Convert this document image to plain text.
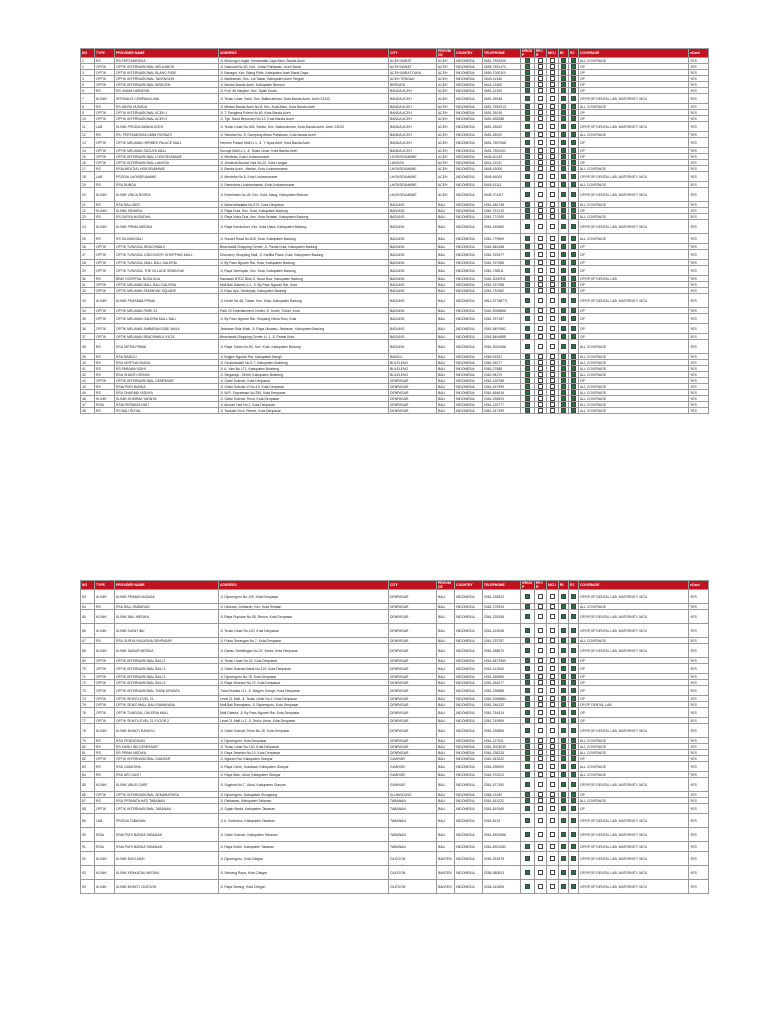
NO	TYPE	PROVIDER NAME	ADDRESS	CITY	PROVINCE	COUNTRY	TELEPHONE	GROUP	RPJR	MCU	RI	RJ	COVERAGE	eCard
1	RS	RS PERTAMEDIKA	Jl. Mohongo Lingke, Kecamatan Jaya Baru, Banda Aceh	ACEH BARAT	ACEH	INDONESIA	0651-7553006						ALL COVERAGE	YES
2	OPTIK	OPTIK INTERNASIONAL MEULABOH	Jl. Nasional No.60, Kec. Johan Pahlawan, Aceh Barat	ACEH BARAT	ACEH	INDONESIA	0655-7551474						OP	YES
3	OPTIK	OPTIK INTERNASIONAL BLANG PIDIE	Jl. Bahagia, Kec. Blang Pidie, Kabupaten Aceh Barat Daya	ACEH BARAT DAYA	ACEH	INDONESIA	0659-7000110						OP	YES
4	OPTIK	OPTIK INTERNASIONAL TAKENGON	Jl. Mahkamah, Kec. Lut Tawar, Kabupaten Aceh Tengah	ACEH TENGAH	ACEH	INDONESIA	0643-21540						OP	YES
5	OPTIK	OPTIK INTERNASIONAL BIREUEN	Jl. Medan Banda Aceh, Kabupaten Bireuen	BIREUEN	ACEH	INDONESIA	0644-21600						OP	YES
6	RS	RS UMUM HARAPAN	Jl. Prof. Ali Hasyimi, Kec. Syiah Kuala	BANDA ACEH	ACEH	INDONESIA	0651-21490						OP	YES
7	KLINIK	SPESIALIS CEMPAKA LIMA	Jl. Teuku Umar, Setui, Kec. Baiturrahman, Kota Banda Aceh, Aceh 23243	BANDA ACEH	ACEH	INDONESIA	0651-35548						OP,RP,OP DENTAL LAB, MATERNITY, MCU	YES
8	RS	RS INDRA HUSADA	Jl. Medan Banda Aceh No.8, Kec. Kuta Alam, Kota Banda Aceh	BANDA ACEH	ACEH	INDONESIA	0651-7552013						ALL COVERAGE	YES
9	OPTIK	OPTIK INTERNASIONAL ACEH 1	Jl. T. Panglima Polem No.60, Kota Banda Aceh	BANDA ACEH	ACEH	INDONESIA	0651-35015						OP	YES
10	OPTIK	OPTIK INTERNASIONAL ACEH 2	Jl. Tgk. Daud Beureueh No.12, Kota Banda Aceh	BANDA ACEH	ACEH	INDONESIA	0651-635288						OP	YES
11	LAB	KLINIK PRODIA BANDA ACEH	Jl. Teuku Umar No.304, Seutui, Kec. Baiturrahman, Kota Banda Aceh, Aceh 23243	BANDA ACEH	ACEH	INDONESIA	0651-26620						OP,RP,OP DENTAL LAB, MATERNITY, MCU	YES
12	RS	RS. PERTAMEDIKA UMMI ROSNATI	Jl. Sekolah No. 5, Gampong Ateuk Pahlawan, Kota Banda Aceh	BANDA ACEH	ACEH	INDONESIA	0651-35092						ALL COVERAGE	YES
13	OPTIK	OPTIK MELAWAI HERMES PALACE MALL	Hermes Palace Mall Lt.1, Jl. T. Nyak Arief, Kota Banda Aceh	BANDA ACEH	ACEH	INDONESIA	0651-7557068						OP	YES
14	OPTIK	OPTIK MELAWAI SUZUYA MALL	Suzuya Mall Lt.1, Jl. Teuku Umar, Kota Banda Aceh	BANDA ACEH	ACEH	INDONESIA	0651-7552201						OP	YES
15	OPTIK	OPTIK INTERNASIONAL LHOKSEUMAWE	Jl. Merdeka, Kota Lhokseumawe	LHOKSEUMAWE	ACEH	INDONESIA	0645-40140						OP	YES
16	OPTIK	OPTIK INTERNASIONAL LANGSA	Jl. Jenderal Ahmad Yani No.22, Kota Langsa	LANGSA	ACEH	INDONESIA	0641-21011						OP	YES
17	RS	RSIA MEUTIA LHOKSEUMAWE	Jl. Banda Aceh - Medan, Kota Lhokseumawe	LHOKSEUMAWE	ACEH	INDONESIA	0645-43000						ALL COVERAGE	YES
18	LAB	PRODIA LHOKSEUMAWE	Jl. Merdeka No.6, Kota Lhokseumawe	LHOKSEUMAWE	ACEH	INDONESIA	0645-46000						OP,RP,OP DENTAL LAB, MATERNITY, MCU	YES
19	RS	RSU BUNDA	Jl. Samudera Lhokseumawe, Kota Lhokseumawe	LHOKSEUMAWE	ACEH	INDONESIA	0645-41111						ALL COVERAGE	YES
20	KLINIK	KLINIK VINCA ROSEA	Jl. Kesehatan No.45, Kec. Kota Juang, Kabupaten Bireuen	LHOKSEUMAWE	ACEH	INDONESIA	0645-701117						OP,RP,OP DENTAL LAB, MATERNITY, MCU	YES
21	RS	RSU BALI MED	Jl. Mahendradatta No.57X, Kota Denpasar	BADUNG	BALI	INDONESIA	0361-484748						ALL COVERAGE	YES
22	KLINIK	KLINIK SEMARA	Jl. Raya Kuta, Kec. Kuta, Kabupaten Badung	BADUNG	BALI	INDONESIA	0361-751213						OP	YES
23	RS	RS SURYA HUSADHA	Jl. Raya Nusa Dua, Kec. Kuta Selatan, Kabupaten Badung	BADUNG	BALI	INDONESIA	0361-770190						ALL COVERAGE	YES
24	KLINIK	KLINIK PRIMA MEDIKA	Jl. Raya Kerobokan, Kec. Kuta Utara, Kabupaten Badung	BADUNG	BALI	INDONESIA	0361-439480						OP,RP,OP DENTAL LAB, MATERNITY, MCU	YES
25	RS	RS SILOAM BALI	Jl. Sunset Road No.818, Kuta, Kabupaten Badung	BADUNG	BALI	INDONESIA	0361-779900						ALL COVERAGE	YES
26	OPTIK	OPTIK TUNGGAL BEACHWALK	Beachwalk Shopping Center, Jl. Pantai Kuta, Kabupaten Badung	BADUNG	BALI	INDONESIA	0361-846188						OP	YES
27	OPTIK	OPTIK TUNGGAL DISCOVERY SHOPPING MALL	Discovery Shopping Mall, Jl. Kartika Plaza, Kuta, Kabupaten Badung	BADUNG	BALI	INDONESIA	0361-769477						OP	YES
28	OPTIK	OPTIK TUNGGAL MALL BALI GALERIA	Jl. By Pass Ngurah Rai, Kuta, Kabupaten Badung	BADUNG	BALI	INDONESIA	0361-767088						OP	YES
29	OPTIK	OPTIK TUNGGAL THE VILLAGE SEMINYAK	Jl. Raya Seminyak, Kec. Kuta, Kabupaten Badung	BADUNG	BALI	INDONESIA	0361-738911						OP	YES
30	RS	BIMC HOSPITAL NUSA DUA	Kawasan BTDC Blok D, Nusa Dua, Kabupaten Badung	BADUNG	BALI	INDONESIA	0361-3000911						OP,RP,OP DENTAL LAB	YES
31	OPTIK	OPTIK MELAWAI MALL BALI GALERIA	Mall Bali Galeria Lt.1, Jl. By Pass Ngurah Rai, Kuta	BADUNG	BALI	INDONESIA	0361-767088						OP	YES
32	OPTIK	OPTIK MELAWAI SEMINYAK SQUARE	Jl. Kayu Aya, Seminyak, Kabupaten Badung	BADUNG	BALI	INDONESIA	0361-732282						OP	YES
33	KLINIK	KLINIK PRATAMA PRIMA	Jl. Kediri No.46, Tuban, Kec. Kuta, Kabupaten Badung	BADUNG	BALI	INDONESIA	0812-37768771						OP,RP,OP DENTAL LAB, MATERNITY, MCU	YES
34	OPTIK	OPTIK MELAWAI PARK 23	Park 23 Entertainment Center, Jl. Kediri, Tuban, Kuta	BADUNG	BALI	INDONESIA	0361-9006866						OP	YES
35	OPTIK	OPTIK MELAWAI GALERIA MALL BALI	Jl. By Pass Ngurah Rai, Simpang Dewa Ruci, Kuta	BADUNG	BALI	INDONESIA	0361-757187						OP	YES
36	OPTIK	OPTIK MELAWAI JIMBARAN SIDE WALK	Jimbaran Side Walk, Jl. Raya Uluwatu, Jimbaran, Kabupaten Badung	BADUNG	BALI	INDONESIA	0361-8497662						OP	YES
37	OPTIK	OPTIK MELAWAI BEACHWALK KUTA	Beachwalk Shopping Center Lt. 1, Jl. Pantai Kuta	BADUNG	BALI	INDONESIA	0361-8464888						OP	YES
38	RS	RSU MITRA PRIMA	Jl. Raya Tuban No.8X, Kec. Kuta, Kabupaten Badung	BADUNG	BALI	INDONESIA	0361-3001066						ALL COVERAGE	YES
39	RS	RSU BANGLI	Jl. Brigjen Ngurah Rai, Kabupaten Bangli	BANGLI	BALI	INDONESIA	0366-91521						ALL COVERAGE	YES
40	RS	RSU KERTHA USADA	Jl. Cendrawasih No.5-7, Kabupaten Buleleng	BULELENG	BALI	INDONESIA	0362-26277						ALL COVERAGE	YES
41	RS	RS PARAMA SIDHI	Jl. A. Yani No.171, Kabupaten Buleleng	BULELENG	BALI	INDONESIA	0362-27888						ALL COVERAGE	YES
42	RS	RSU SHANTI GRAHA	Jl. Singaraja - Seririt, Kabupaten Buleleng	BULELENG	BALI	INDONESIA	0362-94270						ALL COVERAGE	YES
43	OPTIK	OPTIK INTERNASIONAL DENPASAR	Jl. Gatot Subroto, Kota Denpasar	DENPASAR	BALI	INDONESIA	0361-426788						OP	YES
44	RS	RSIA PURI BUNDA	Jl. Gatot Subroto VI No.19, Kota Denpasar	DENPASAR	BALI	INDONESIA	0361-437999						ALL COVERAGE	YES
45	RS	RSU DHARMA YADNYA	Jl. W.R. Supratman No.256, Kota Denpasar	DENPASAR	BALI	INDONESIA	0361-464616						ALL COVERAGE	YES
46	KLINIK	KLINIK DHARMA YADNYA	Jl. Gatot Subroto Timur, Kota Denpasar	DENPASAR	BALI	INDONESIA	0361-235523						ALL COVERAGE	YES
47	RSIA	RSIA PERMATA HATI	Jl. Ahmad Yani No.1, Kota Denpasar	DENPASAR	BALI	INDONESIA	0361-225777						ALL COVERAGE	YES
48	RS	RS BALI ROYAL	Jl. Tantular No.6, Renon, Kota Denpasar	DENPASAR	BALI	INDONESIA	0361-247499						ALL COVERAGE	YES
NO	TYPE	PROVIDER NAME	ADDRESS	CITY	PROVINCE	COUNTRY	TELEPHONE	GROUP	RPJR	MCU	RI	RJ	COVERAGE	eCard
63	KLINIK	KLINIK PRAMA HUSADA	Jl. Diponegoro No.109, Kota Denpasar	DENPASAR	BALI	INDONESIA	0361-235923						OP,RP,OP DENTAL LAB, MATERNITY, MCU	YES
64	RS	RSU BALI JIMBARAN	Jl. Uluwatu, Jimbaran, Kec. Kuta Selatan	DENPASAR	BALI	INDONESIA	0361-703933						ALL COVERAGE	YES
65	KLINIK	KLINIK BALI MEDIKA	Jl. Raya Puputan No.58, Renon, Kota Denpasar	DENPASAR	BALI	INDONESIA	0361-228158						OP,RP,OP DENTAL LAB, MATERNITY, MCU	YES
66	KLINIK	KLINIK KASIH IBU	Jl. Teuku Umar No.120, Kota Denpasar	DENPASAR	BALI	INDONESIA	0361-223036						OP,RP,OP DENTAL LAB, MATERNITY, MCU	YES
67	RS	RSU SURYA HUSADHA DENPASAR	Jl. Pulau Serangan No.7, Kota Denpasar	DENPASAR	BALI	INDONESIA	0361-233787						ALL COVERAGE	YES
68	KLINIK	KLINIK SANUR MEDIKA	Jl. Danau Tamblingan No.20, Sanur, Kota Denpasar	DENPASAR	BALI	INDONESIA	0361-288570						OP,RP,OP DENTAL LAB, MATERNITY, MCU	YES
69	OPTIK	OPTIK INTERNASIONAL BALI 2	Jl. Teuku Umar No.32, Kota Denpasar	DENPASAR	BALI	INDONESIA	0361-8437960						OP	YES
70	OPTIK	OPTIK INTERNASIONAL BALI 3	Jl. Gatot Subroto Barat No.120, Kota Denpasar	DENPASAR	BALI	INDONESIA	0361-411900						OP	YES
71	OPTIK	OPTIK INTERNASIONAL BALI 4	Jl. Diponegoro No.78, Kota Denpasar	DENPASAR	BALI	INDONESIA	0361-265556						OP	YES
72	OPTIK	OPTIK INTERNASIONAL BALI 5	Jl. Raya Sesetan No.22, Kota Denpasar	DENPASAR	BALI	INDONESIA	0361-264077						OP	YES
73	OPTIK	OPTIK INTERNASIONAL TIARA DEWATA	Tiara Dewata Lt.1, Jl. Mayjen Sutoyo, Kota Denpasar	DENPASAR	BALI	INDONESIA	0361-235988						OP	YES
74	OPTIK	OPTIK SEIKO LEVEL 21	Level 21 Mall, Jl. Teuku Umar No.1, Kota Denpasar	DENPASAR	BALI	INDONESIA	0361-2096884						OP	YES
75	OPTIK	OPTIK SEIKO MALL BALI RAMAYANA	Mall Bali Ramayana, Jl. Diponegoro, Kota Denpasar	DENPASAR	BALI	INDONESIA	0361-246132						OP,OP DENTAL LAB	YES
76	OPTIK	OPTIK TUNGGAL GALERIA MALL	Mall Galeria, Jl. By Pass Ngurah Rai, Kota Denpasar	DENPASAR	BALI	INDONESIA	0361-754424						OP	YES
77	OPTIK	OPTIK SEIKO LEVEL 21 FLOOR 2	Level 21 Mall Lt.2, Jl. Teuku Umar, Kota Denpasar	DENPASAR	BALI	INDONESIA	0361-749955						OP	YES
78	KLINIK	KLINIK BHAKTI RAHAYU	Jl. Gatot Subroto Timur No.15, Kota Denpasar	DENPASAR	BALI	INDONESIA	0361-236896						OP,RP,OP DENTAL LAB, MATERNITY, MCU	YES
79	RS	RSU PENDIDIKAN	Jl. Diponegoro, Kota Denpasar	DENPASAR	BALI	INDONESIA	0361-227911						ALL COVERAGE	YES
80	RS	RS KASIH IBU DENPASAR	Jl. Teuku Umar No.120, Kota Denpasar	DENPASAR	BALI	INDONESIA	0361-3003030						ALL COVERAGE	YES
81	RS	RS PRIMA MEDIKA	Jl. Raya Sesetan No.10, Kota Denpasar	DENPASAR	BALI	INDONESIA	0361-236225						ALL COVERAGE	YES
82	OPTIK	OPTIK INTERNASIONAL GIANYAR	Jl. Ngurah Rai, Kabupaten Gianyar	GIANYAR	BALI	INDONESIA	0361-943222						OP	YES
83	RS	RSU GANESHA	Jl. Raya Celuk, Sukawati, Kabupaten Gianyar	GIANYAR	BALI	INDONESIA	0361-298000						ALL COVERAGE	YES
84	RS	RSU ARI CANTI	Jl. Raya Mas, Ubud, Kabupaten Gianyar	GIANYAR	BALI	INDONESIA	0361-976222						ALL COVERAGE	YES
85	KLINIK	KLINIK UBUD CARE	Jl. Sugriwa No.7, Ubud, Kabupaten Gianyar	GIANYAR	BALI	INDONESIA	0361-977300						OP,RP,OP DENTAL LAB, MATERNITY, MCU	YES
86	OPTIK	OPTIK INTERNASIONAL SEMARAPURA	Jl. Diponegoro, Kabupaten Klungkung	KLUNGKUNG	BALI	INDONESIA	0366-21540						OP	YES
87	RS	RSU PERMATA HATI TABANAN	Jl. Pahlawan, Kabupaten Tabanan	TABANAN	BALI	INDONESIA	0361-811222						ALL COVERAGE	YES
88	OPTIK	OPTIK INTERNASIONAL TABANAN	Jl. Gajah Mada, Kabupaten Tabanan	TABANAN	BALI	INDONESIA	0361-819160						OP	YES
89	LAB	PRODIA TABANAN	Jl. Ir. Soekarno, Kabupaten Tabanan	TABANAN	BALI	INDONESIA	0361-8133						OP,RP,OP DENTAL LAB, MATERNITY, MCU	YES
90	RSIA	RSIA PURI BUNDA TABANAN	Jl. Gatot Subroto, Kabupaten Tabanan	TABANAN	BALI	INDONESIA	0361-8303088						OP,RP,OP DENTAL LAB, MATERNITY, MCU	YES
91	RSIA	RSIA PURI BUNDA TABANAN	Jl. Raya Kediri, Kabupaten Tabanan	TABANAN	BALI	INDONESIA	0361-8301180						OP,RP,OP DENTAL LAB, MATERNITY, MCU	YES
92	KLINIK	KLINIK BUDI ASIH	Jl. Diponegoro, Kota Cilegon	CILEGON	BANTEN	INDONESIA	0254-391878						OP,RP,OP DENTAL LAB, MATERNITY, MCU	YES
93	KLINIK	KLINIK KRAKATAU MEDIKA	Jl. Semang Raya, Kota Cilegon	CILEGON	BANTEN	INDONESIA	0254-380813						OP,RP,OP DENTAL LAB, MATERNITY, MCU	YES
94	KLINIK	KLINIK BHAKTI CILEGON	Jl. Raya Serang, Kota Cilegon	CILEGON	BANTEN	INDONESIA	0254-312606						OP,RP,OP DENTAL LAB, MATERNITY, MCU	YES
